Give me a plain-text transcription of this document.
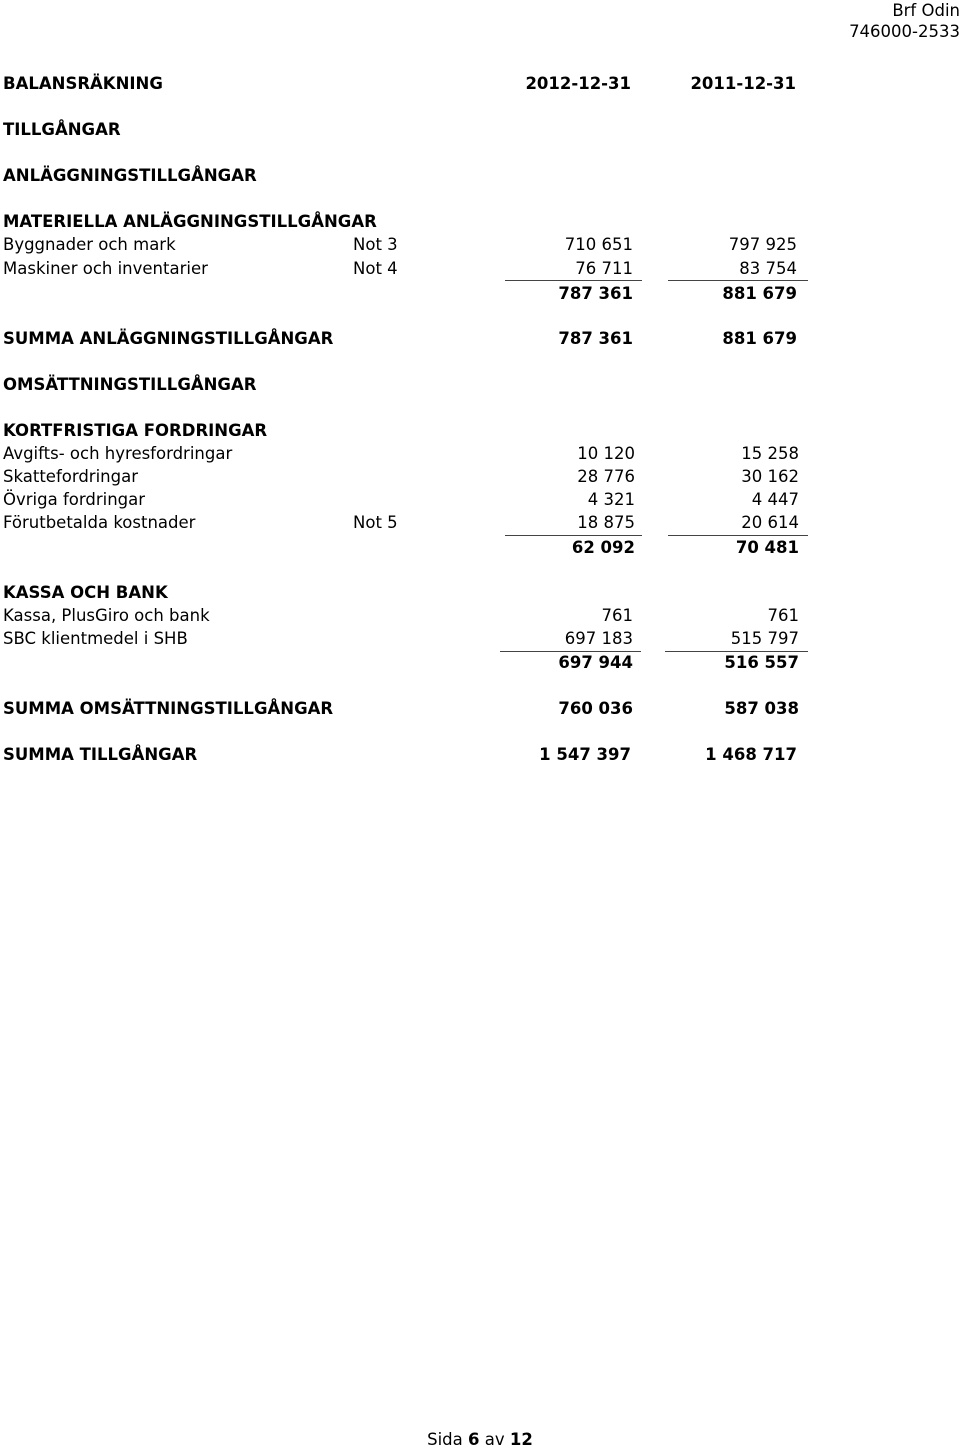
Brf Odin
746000-2533
BALANSRÄKNING	2012-12-31	2011-12-31
TILLGÅNGAR
ANLÄGGNINGSTILLGÅNGAR
MATERIELLA ANLÄGGNINGSTILLGÅNGAR
Byggnader och mark	Not 3	710 651	797 925
Maskiner och inventarier	Not 4	76 711	83 754
787 361	881 679
SUMMA ANLÄGGNINGSTILLGÅNGAR	787 361	881 679
OMSÄTTNINGSTILLGÅNGAR
KORTFRISTIGA FORDRINGAR
Avgifts- och hyresfordringar	10 120	15 258
Skattefordringar	28 776	30 162
Övriga fordringar	4 321	4 447
Förutbetalda kostnader	Not 5	18 875	20 614
62 092	70 481
KASSA OCH BANK
Kassa, PlusGiro och bank	761	761
SBC klientmedel i SHB	697 183	515 797
697 944	516 557
SUMMA OMSÄTTNINGSTILLGÅNGAR	760 036	587 038
SUMMA TILLGÅNGAR	1 547 397	1 468 717
Sida 6 av 12
